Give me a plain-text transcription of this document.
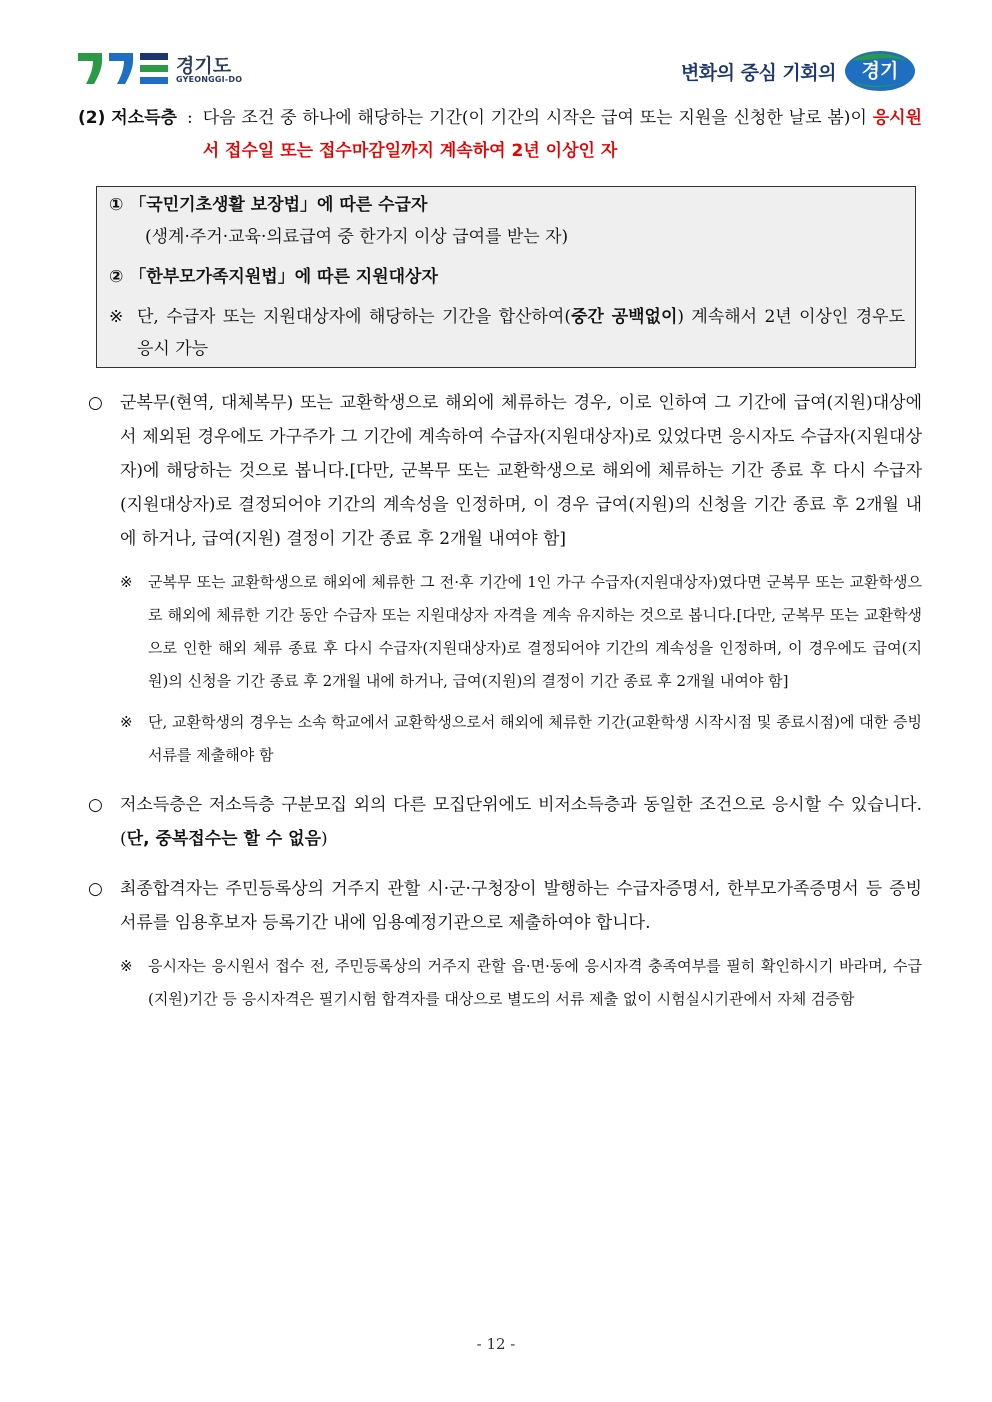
경기도
GYEONGGI-DO	변화의 중심 기회의	경기
(2) 저소득층 : 다음 조건 중 하나에 해당하는 기간(이 기간의 시작은 급여 또는 지원을 신청한 날로 봄)이 응시원서 접수일 또는 접수마감일까지 계속하여 2년 이상인 자
① 「국민기초생활 보장법」에 따른 수급자
(생계·주거·교육·의료급여 중 한가지 이상 급여를 받는 자)
② 「한부모가족지원법」에 따른 지원대상자
※ 단, 수급자 또는 지원대상자에 해당하는 기간을 합산하여(중간 공백없이) 계속해서 2년 이상인 경우도 응시 가능
○	군복무(현역, 대체복무) 또는 교환학생으로 해외에 체류하는 경우, 이로 인하여 그 기간에 급여(지원)대상에서 제외된 경우에도 가구주가 그 기간에 계속하여 수급자(지원대상자)로 있었다면 응시자도 수급자(지원대상자)에 해당하는 것으로 봅니다.[다만, 군복무 또는 교환학생으로 해외에 체류하는 기간 종료 후 다시 수급자(지원대상자)로 결정되어야 기간의 계속성을 인정하며, 이 경우 급여(지원)의 신청을 기간 종료 후 2개월 내에 하거나, 급여(지원) 결정이 기간 종료 후 2개월 내여야 함]
※	군복무 또는 교환학생으로 해외에 체류한 그 전·후 기간에 1인 가구 수급자(지원대상자)였다면 군복무 또는 교환학생으로 해외에 체류한 기간 동안 수급자 또는 지원대상자 자격을 계속 유지하는 것으로 봅니다.[다만, 군복무 또는 교환학생으로 인한 해외 체류 종료 후 다시 수급자(지원대상자)로 결정되어야 기간의 계속성을 인정하며, 이 경우에도 급여(지원)의 신청을 기간 종료 후 2개월 내에 하거나, 급여(지원)의 결정이 기간 종료 후 2개월 내여야 함]
※	단, 교환학생의 경우는 소속 학교에서 교환학생으로서 해외에 체류한 기간(교환학생 시작시점 및 종료시점)에 대한 증빙서류를 제출해야 함
○	저소득층은 저소득층 구분모집 외의 다른 모집단위에도 비저소득층과 동일한 조건으로 응시할 수 있습니다.(단, 중복접수는 할 수 없음)
○	최종합격자는 주민등록상의 거주지 관할 시·군·구청장이 발행하는 수급자증명서, 한부모가족증명서 등 증빙서류를 임용후보자 등록기간 내에 임용예정기관으로 제출하여야 합니다.
※	응시자는 응시원서 접수 전, 주민등록상의 거주지 관할 읍·면·동에 응시자격 충족여부를 필히 확인하시기 바라며, 수급(지원)기간 등 응시자격은 필기시험 합격자를 대상으로 별도의 서류 제출 없이 시험실시기관에서 자체 검증함
- 12 -
